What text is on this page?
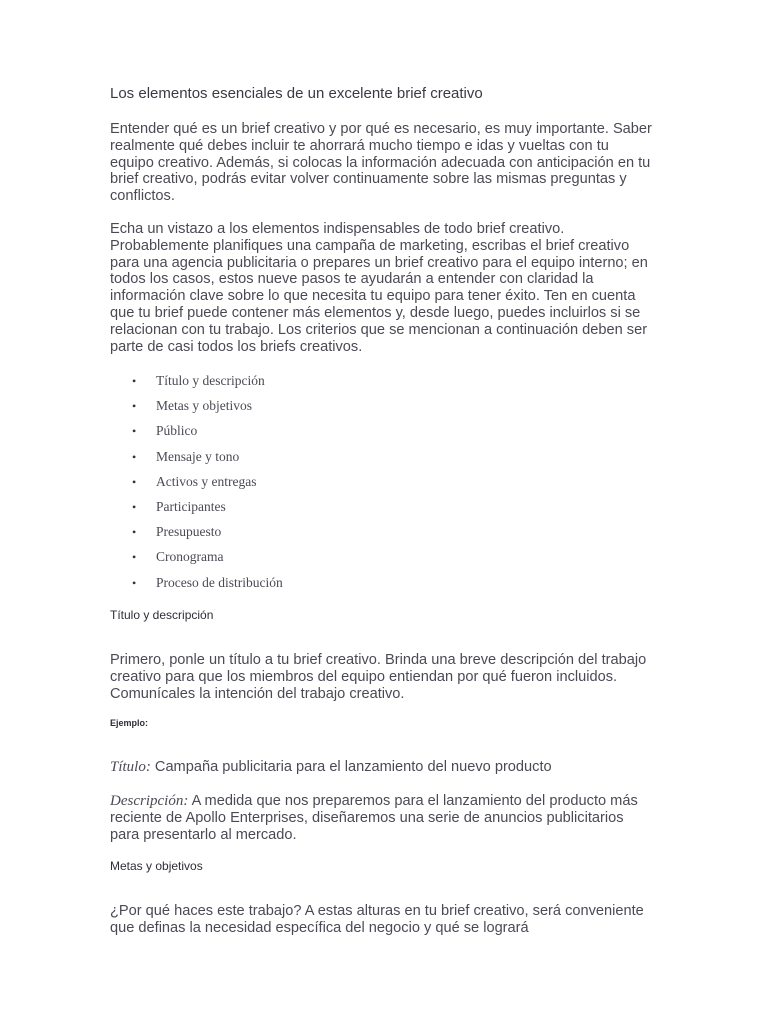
Los elementos esenciales de un excelente brief creativo

Entender qué es un brief creativo y por qué es necesario, es muy importante. Saber realmente qué debes incluir te ahorrará mucho tiempo e idas y vueltas con tu equipo creativo. Además, si colocas la información adecuada con anticipación en tu brief creativo, podrás evitar volver continuamente sobre las mismas preguntas y conflictos.

Echa un vistazo a los elementos indispensables de todo brief creativo. Probablemente planifiques una campaña de marketing, escribas el brief creativo para una agencia publicitaria o prepares un brief creativo para el equipo interno; en todos los casos, estos nueve pasos te ayudarán a entender con claridad la información clave sobre lo que necesita tu equipo para tener éxito. Ten en cuenta que tu brief puede contener más elementos y, desde luego, puedes incluirlos si se relacionan con tu trabajo. Los criterios que se mencionan a continuación deben ser parte de casi todos los briefs creativos.

• Título y descripción
• Metas y objetivos
• Público
• Mensaje y tono
• Activos y entregas
• Participantes
• Presupuesto
• Cronograma
• Proceso de distribución
Título y descripción

Primero, ponle un título a tu brief creativo. Brinda una breve descripción del trabajo creativo para que los miembros del equipo entiendan por qué fueron incluidos. Comunícales la intención del trabajo creativo.

Ejemplo:

Título: Campaña publicitaria para el lanzamiento del nuevo producto

Descripción: A medida que nos preparemos para el lanzamiento del producto más reciente de Apollo Enterprises, diseñaremos una serie de anuncios publicitarios para presentarlo al mercado.

Metas y objetivos

¿Por qué haces este trabajo? A estas alturas en tu brief creativo, será conveniente que definas la necesidad específica del negocio y qué se logrará
